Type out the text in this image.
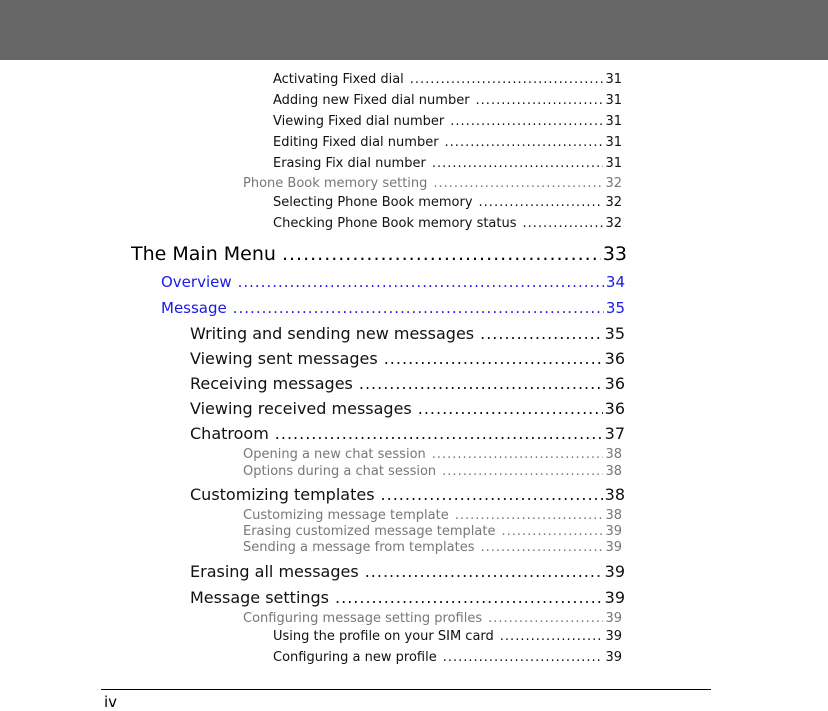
Activating Fixed dial .....	31
Adding new Fixed dial number .....	31
Viewing Fixed dial number .....	31
Editing Fixed dial number .....	31
Erasing Fix dial number .....	31
Phone Book memory setting .....	32
Selecting Phone Book memory .....	32
Checking Phone Book memory status .....	32
The Main Menu .....	33
Overview .....	34
Message .....	35
Writing and sending new messages .....	35
Viewing sent messages .....	36
Receiving messages .....	36
Viewing received messages .....	36
Chatroom .....	37
Opening a new chat session .....	38
Options during a chat session .....	38
Customizing templates .....	38
Customizing message template .....	38
Erasing customized message template .....	39
Sending a message from templates .....	39
Erasing all messages .....	39
Message settings .....	39
Configuring message setting profiles .....	39
Using the profile on your SIM card .....	39
Configuring a new profile .....	39
iv
